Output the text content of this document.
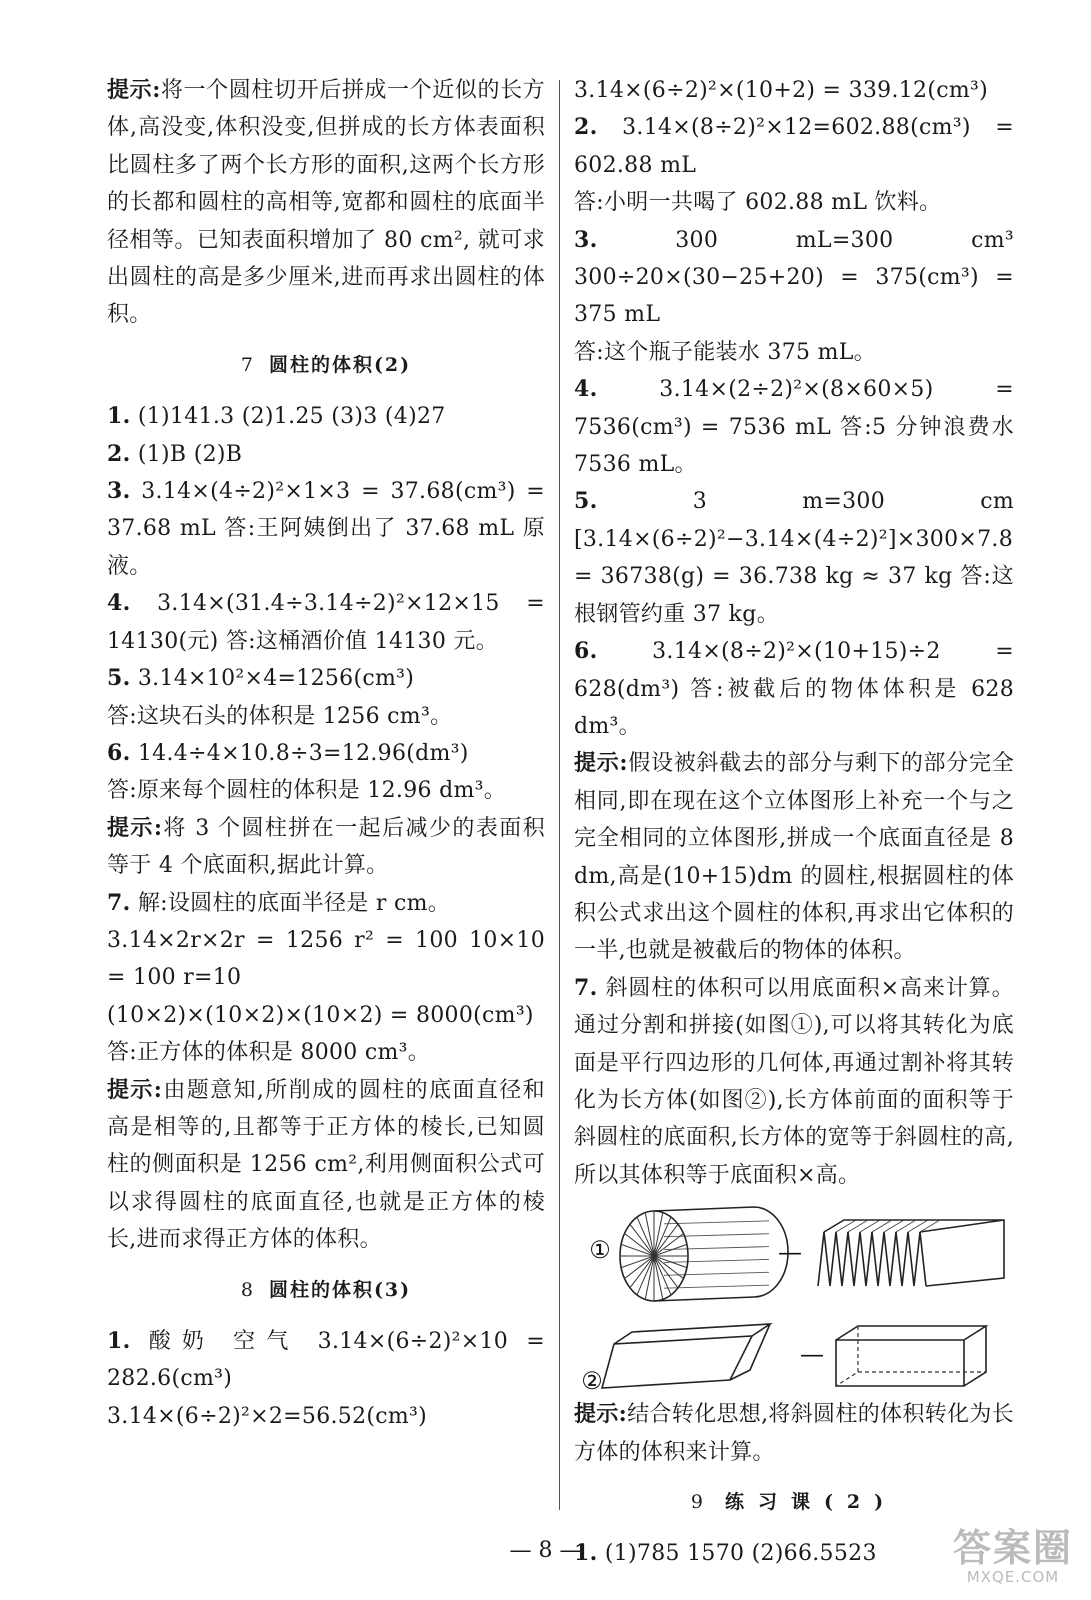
提示:将一个圆柱切开后拼成一个近似的长方体,高没变,体积没变,但拼成的长方体表面积比圆柱多了两个长方形的面积,这两个长方形的长都和圆柱的高相等,宽都和圆柱的底面半径相等。已知表面积增加了 80 cm², 就可求出圆柱的高是多少厘米,进而再求出圆柱的体积。

7 圆柱的体积(2)

1. (1)141.3 (2)1.25 (3)3 (4)27

2. (1)B (2)B

3. 3.14×(4÷2)²×1×3 = 37.68(cm³) = 37.68 mL 答:王阿姨倒出了 37.68 mL 原液。

4. 3.14×(31.4÷3.14÷2)²×12×15 = 14130(元) 答:这桶酒价值 14130 元。

5. 3.14×10²×4=1256(cm³)

答:这块石头的体积是 1256 cm³。

6. 14.4÷4×10.8÷3=12.96(dm³)

答:原来每个圆柱的体积是 12.96 dm³。

提示:将 3 个圆柱拼在一起后减少的表面积等于 4 个底面积,据此计算。

7. 解:设圆柱的底面半径是 r cm。

3.14×2r×2r = 1256 r² = 100 10×10 = 100 r=10

(10×2)×(10×2)×(10×2) = 8000(cm³)

答:正方体的体积是 8000 cm³。

提示:由题意知,所削成的圆柱的底面直径和高是相等的,且都等于正方体的棱长,已知圆柱的侧面积是 1256 cm²,利用侧面积公式可以求得圆柱的底面直径,也就是正方体的棱长,进而求得正方体的体积。

8 圆柱的体积(3)

1. 酸奶 空气 3.14×(6÷2)²×10 = 282.6(cm³) 3.14×(6÷2)²×2=56.52(cm³)

3.14×(6÷2)²×(10+2) = 339.12(cm³)

2. 3.14×(8÷2)²×12=602.88(cm³) = 602.88 mL

答:小明一共喝了 602.88 mL 饮料。

3. 300 mL=300 cm³ 300÷20×(30−25+20) = 375(cm³) = 375 mL

答:这个瓶子能装水 375 mL。

4. 3.14×(2÷2)²×(8×60×5) = 7536(cm³) = 7536 mL 答:5 分钟浪费水 7536 mL。

5. 3 m=300 cm [3.14×(6÷2)²−3.14×(4÷2)²]×300×7.8 = 36738(g) = 36.738 kg ≈ 37 kg 答:这根钢管约重 37 kg。

6. 3.14×(8÷2)²×(10+15)÷2 = 628(dm³) 答:被截后的物体体积是 628 dm³。

提示:假设被斜截去的部分与剩下的部分完全相同,即在现在这个立体图形上补充一个与之完全相同的立体图形,拼成一个底面直径是 8 dm,高是(10+15)dm 的圆柱,根据圆柱的体积公式求出这个圆柱的体积,再求出它体积的一半,也就是被截后的物体的体积。

7. 斜圆柱的体积可以用底面积×高来计算。通过分割和拼接(如图①),可以将其转化为底面是平行四边形的几何体,再通过割补将其转化为长方体(如图②),长方体前面的面积等于斜圆柱的底面积,长方体的宽等于斜圆柱的高,所以其体积等于底面积×高。

①	—
②
—

提示:结合转化思想,将斜圆柱的体积转化为长方体的体积来计算。

9 练习课(2)

1. (1)785 1570 (2)66.5523

— 8 —	答案圈
MXQE.COM
